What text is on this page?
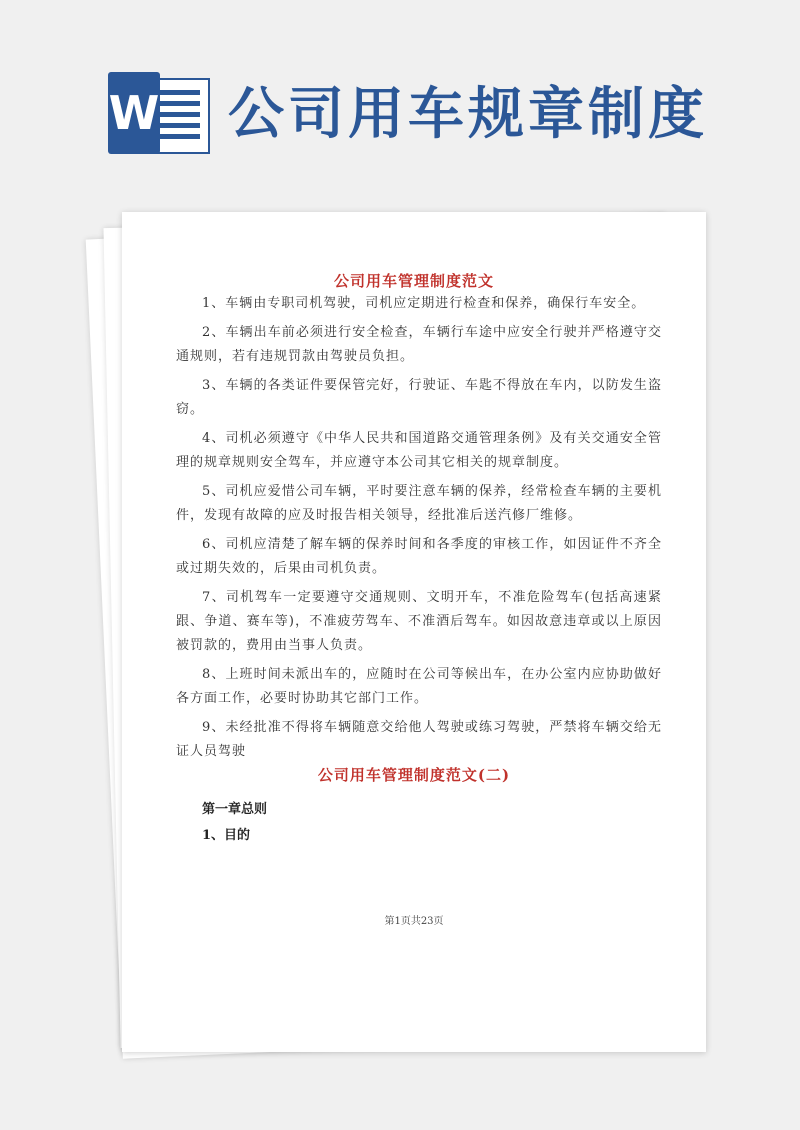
W 公司用车规章制度
公司用车管理制度范文

1、车辆由专职司机驾驶，司机应定期进行检查和保养，确保行车安全。

2、车辆出车前必须进行安全检查，车辆行车途中应安全行驶并严格遵守交通规则，若有违规罚款由驾驶员负担。

3、车辆的各类证件要保管完好，行驶证、车匙不得放在车内，以防发生盗窃。

4、司机必须遵守《中华人民共和国道路交通管理条例》及有关交通安全管理的规章规则安全驾车，并应遵守本公司其它相关的规章制度。

5、司机应爱惜公司车辆，平时要注意车辆的保养，经常检查车辆的主要机件，发现有故障的应及时报告相关领导，经批准后送汽修厂维修。

6、司机应清楚了解车辆的保养时间和各季度的审核工作，如因证件不齐全或过期失效的，后果由司机负责。

7、司机驾车一定要遵守交通规则、文明开车，不准危险驾车(包括高速紧跟、争道、赛车等)，不准疲劳驾车、不准酒后驾车。如因故意违章或以上原因被罚款的，费用由当事人负责。

8、上班时间未派出车的，应随时在公司等候出车，在办公室内应协助做好各方面工作，必要时协助其它部门工作。

9、未经批准不得将车辆随意交给他人驾驶或练习驾驶，严禁将车辆交给无证人员驾驶

公司用车管理制度范文(二)

第一章总则

1、目的

第1页共23页
